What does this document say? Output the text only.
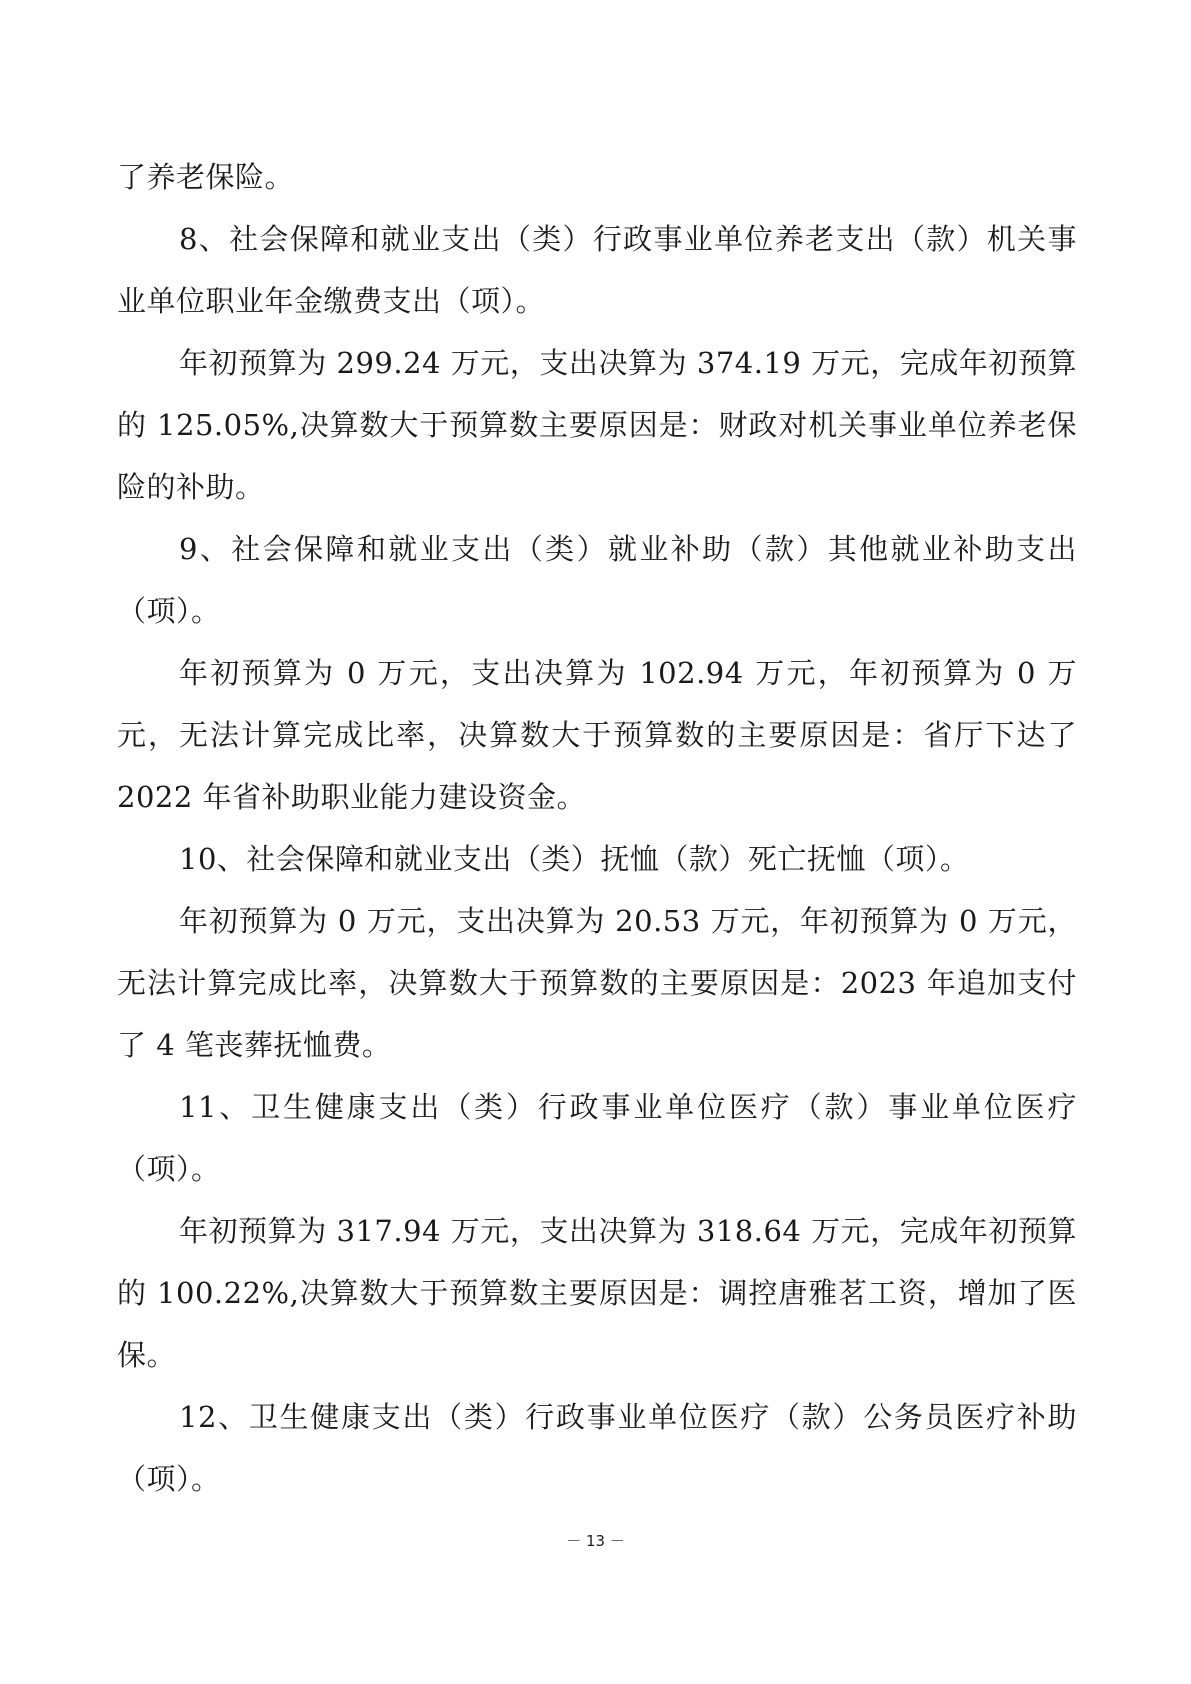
了养老保险。

8、社会保障和就业支出（类）行政事业单位养老支出（款）机关事业单位职业年金缴费支出（项）。

年初预算为 299.24 万元，支出决算为 374.19 万元，完成年初预算的 125.05%,决算数大于预算数主要原因是：财政对机关事业单位养老保险的补助。

9、社会保障和就业支出（类）就业补助（款）其他就业补助支出（项）。

年初预算为 0 万元，支出决算为 102.94 万元，年初预算为 0 万元，无法计算完成比率，决算数大于预算数的主要原因是：省厅下达了 2022 年省补助职业能力建设资金。

10、社会保障和就业支出（类）抚恤（款）死亡抚恤（项）。

年初预算为 0 万元，支出决算为 20.53 万元，年初预算为 0 万元，无法计算完成比率，决算数大于预算数的主要原因是：2023 年追加支付了 4 笔丧葬抚恤费。

11、卫生健康支出（类）行政事业单位医疗（款）事业单位医疗（项）。

年初预算为 317.94 万元，支出决算为 318.64 万元，完成年初预算的 100.22%,决算数大于预算数主要原因是：调控唐雅茗工资，增加了医保。

12、卫生健康支出（类）行政事业单位医疗（款）公务员医疗补助（项）。

－ 13 －
